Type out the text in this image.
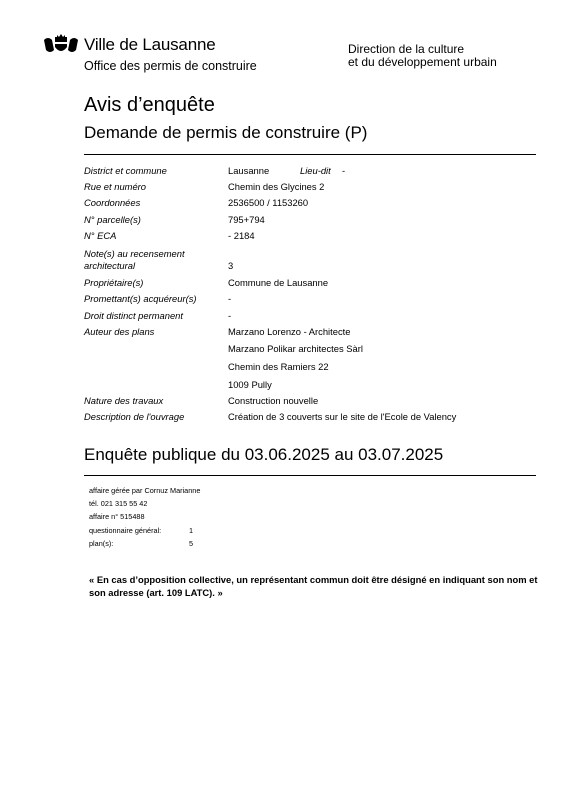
Ville de Lausanne
Office des permis de construire
Direction de la culture
et du développement urbain
Avis d’enquête
Demande de permis de construire (P)
District et commune	Lausanne	Lieu-dit -
Rue et numéro	Chemin des Glycines 2
Coordonnées	2536500 / 1153260
N° parcelle(s)	795+794
N° ECA	- 2184
Note(s) au recensement
architectural	3
Propriétaire(s)	Commune de Lausanne
Promettant(s) acquéreur(s)	-
Droit distinct permanent	-
Auteur des plans	Marzano Lorenzo - Architecte
Marzano Polikar architectes Sàrl
Chemin des Ramiers 22
1009 Pully
Nature des travaux	Construction nouvelle
Description de l'ouvrage	Création de 3 couverts sur le site de l'Ecole de Valency
Enquête publique du 03.06.2025 au 03.07.2025
affaire gérée par Cornuz Marianne
tél. 021 315 55 42
affaire n° 515488
questionnaire général:	1
plan(s):	5
« En cas d’opposition collective, un représentant commun doit être désigné en indiquant son nom et son adresse (art. 109 LATC). »
